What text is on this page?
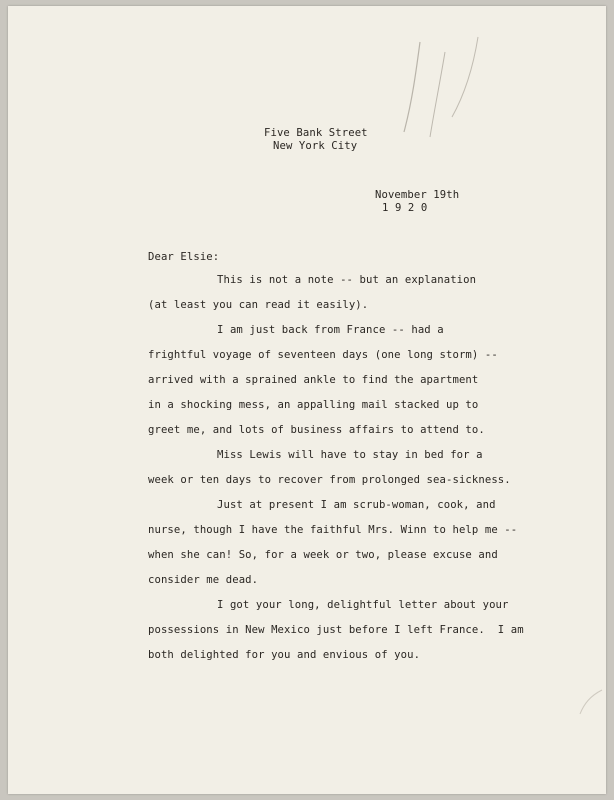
Five Bank Street
New York City
November 19th
1 9 2 0
Dear Elsie:
This is not a note -- but an explanation
(at least you can read it easily).
I am just back from France -- had a
frightful voyage of seventeen days (one long storm) --
arrived with a sprained ankle to find the apartment
in a shocking mess, an appalling mail stacked up to
greet me, and lots of business affairs to attend to.
Miss Lewis will have to stay in bed for a
week or ten days to recover from prolonged sea-sickness.
Just at present I am scrub-woman, cook, and
nurse, though I have the faithful Mrs. Winn to help me --
when she can! So, for a week or two, please excuse and
consider me dead.
I got your long, delightful letter about your
possessions in New Mexico just before I left France.  I am
both delighted for you and envious of you.
